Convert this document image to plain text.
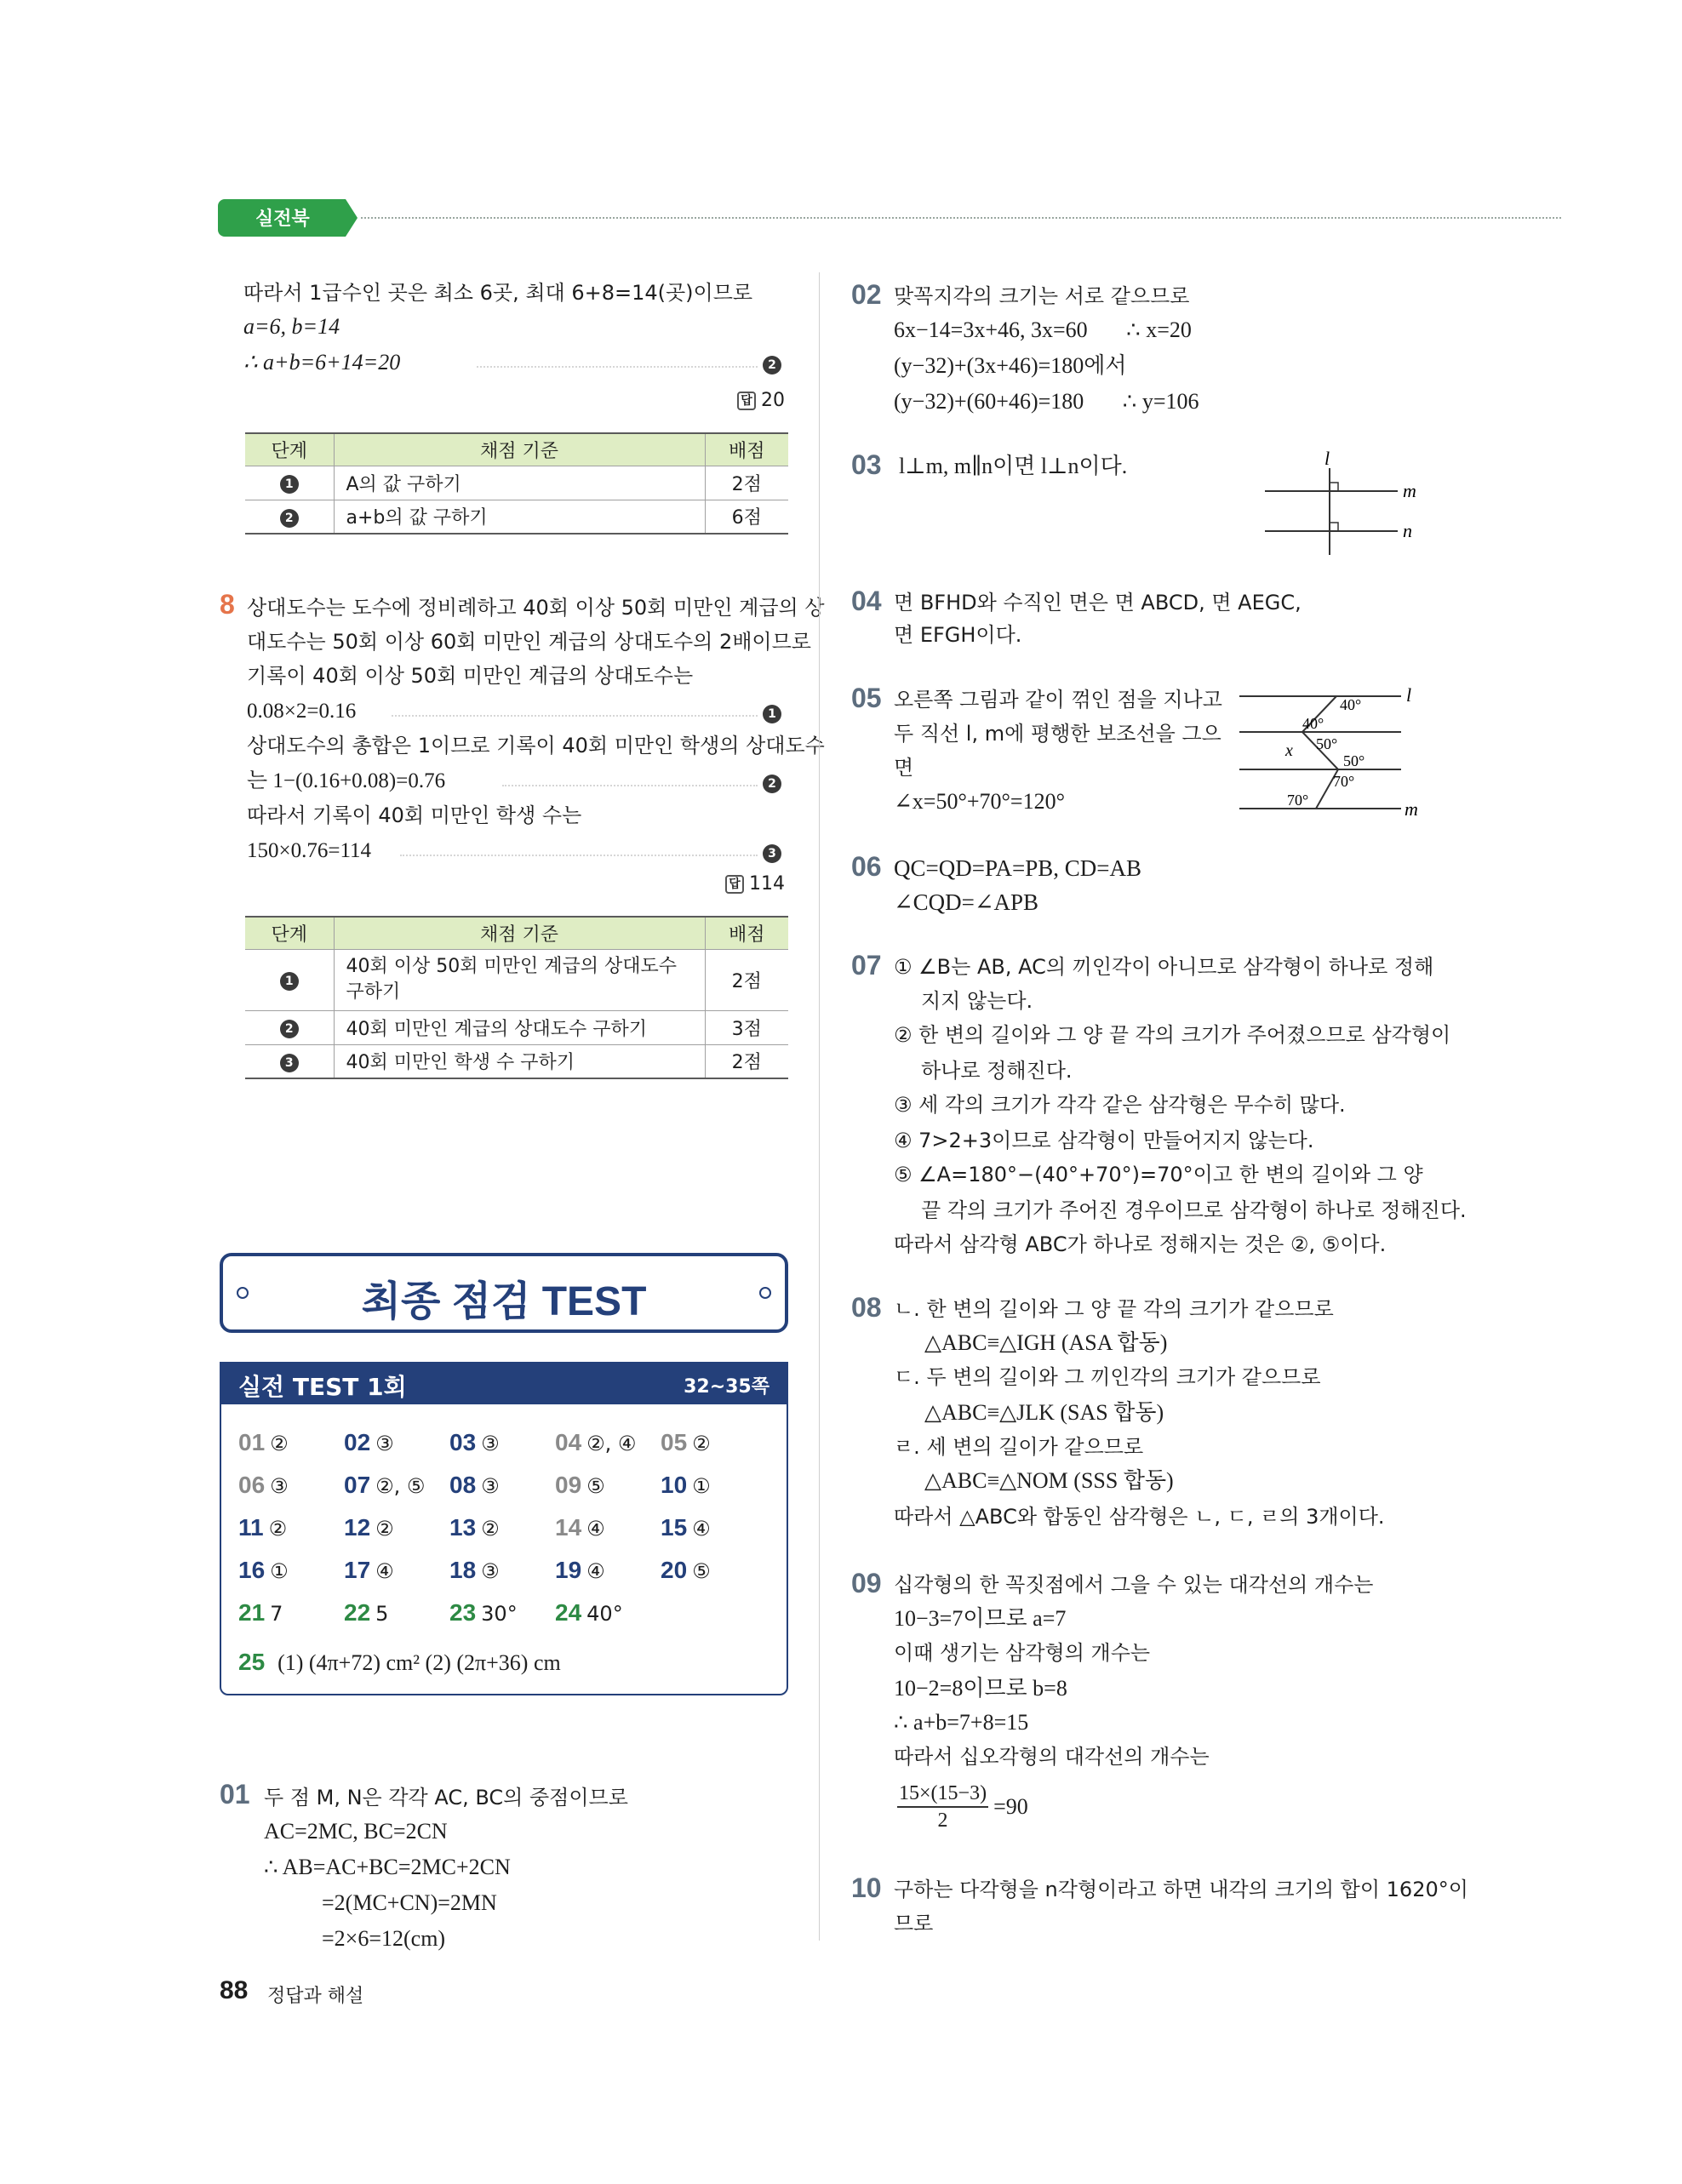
실전북
따라서 1급수인 곳은 최소 6곳, 최대 6+8=14(곳)이므로
a=6, b=14
∴ a+b=6+14=20	2
답 20
단계	채점 기준	배점
1	A의 값 구하기	2점
2	a+b의 값 구하기	6점
8 상대도수는 도수에 정비례하고 40회 이상 50회 미만인 계급의 상
대도수는 50회 이상 60회 미만인 계급의 상대도수의 2배이므로
기록이 40회 이상 50회 미만인 계급의 상대도수는
0.08×2=0.16	1
상대도수의 총합은 1이므로 기록이 40회 미만인 학생의 상대도수
는 1−(0.16+0.08)=0.76	2
따라서 기록이 40회 미만인 학생 수는
150×0.76=114	3
답 114
단계	채점 기준	배점
1	40회 이상 50회 미만인 계급의 상대도수 구하기	2점
2	40회 미만인 계급의 상대도수 구하기	3점
3	40회 미만인 학생 수 구하기	2점
최종 점검 TEST
실전 TEST 1회	32~35쪽
01 ② 02 ③ 03 ③ 04 ②, ④ 05 ②
06 ③ 07 ②, ⑤ 08 ③ 09 ⑤ 10 ①
11 ② 12 ② 13 ② 14 ④ 15 ④
16 ① 17 ④ 18 ③ 19 ④ 20 ⑤
21 7	22 5	23 30° 24 40°
25 (1) (4π+72) cm² (2) (2π+36) cm
01 두 점 M, N은 각각 AC, BC의 중점이므로
AC=2MC, BC=2CN
∴ AB=AC+BC=2MC+2CN
=2(MC+CN)=2MN
=2×6=12(cm)
88 정답과 해설
02 맞꼭지각의 크기는 서로 같으므로
6x−14=3x+46, 3x=60       ∴ x=20
(y−32)+(3x+46)=180에서
(y−32)+(60+46)=180       ∴ y=106
03 l⊥m, m∥n이면 l⊥n이다.	l
m
n
04 면 BFHD와 수직인 면은 면 ABCD, 면 AEGC,
면 EFGH이다.
05 오른쪽 그림과 같이 꺾인 점을 지나고
두 직선 l, m에 평행한 보조선을 그으
면
∠x=50°+70°=120°
40°
40°
50°
x
50°
70°
70°
l
m
06 QC=QD=PA=PB, CD=AB
∠CQD=∠APB
07 ① ∠B는 AB, AC의 끼인각이 아니므로 삼각형이 하나로 정해
지지 않는다.
② 한 변의 길이와 그 양 끝 각의 크기가 주어졌으므로 삼각형이
하나로 정해진다.
③ 세 각의 크기가 각각 같은 삼각형은 무수히 많다.
④ 7>2+3이므로 삼각형이 만들어지지 않는다.
⑤ ∠A=180°−(40°+70°)=70°이고 한 변의 길이와 그 양
끝 각의 크기가 주어진 경우이므로 삼각형이 하나로 정해진다.
따라서 삼각형 ABC가 하나로 정해지는 것은 ②, ⑤이다.
08 ㄴ. 한 변의 길이와 그 양 끝 각의 크기가 같으므로
△ABC≡△IGH (ASA 합동)
ㄷ. 두 변의 길이와 그 끼인각의 크기가 같으므로
△ABC≡△JLK (SAS 합동)
ㄹ. 세 변의 길이가 같으므로
△ABC≡△NOM (SSS 합동)
따라서 △ABC와 합동인 삼각형은 ㄴ, ㄷ, ㄹ의 3개이다.
09 십각형의 한 꼭짓점에서 그을 수 있는 대각선의 개수는
10−3=7이므로 a=7
이때 생기는 삼각형의 개수는
10−2=8이므로 b=8
∴ a+b=7+8=15
따라서 십오각형의 대각선의 개수는
$\frac{15\times(15-3)}{2} =90$
10 구하는 다각형을 n각형이라고 하면 내각의 크기의 합이 1620°이
므로
